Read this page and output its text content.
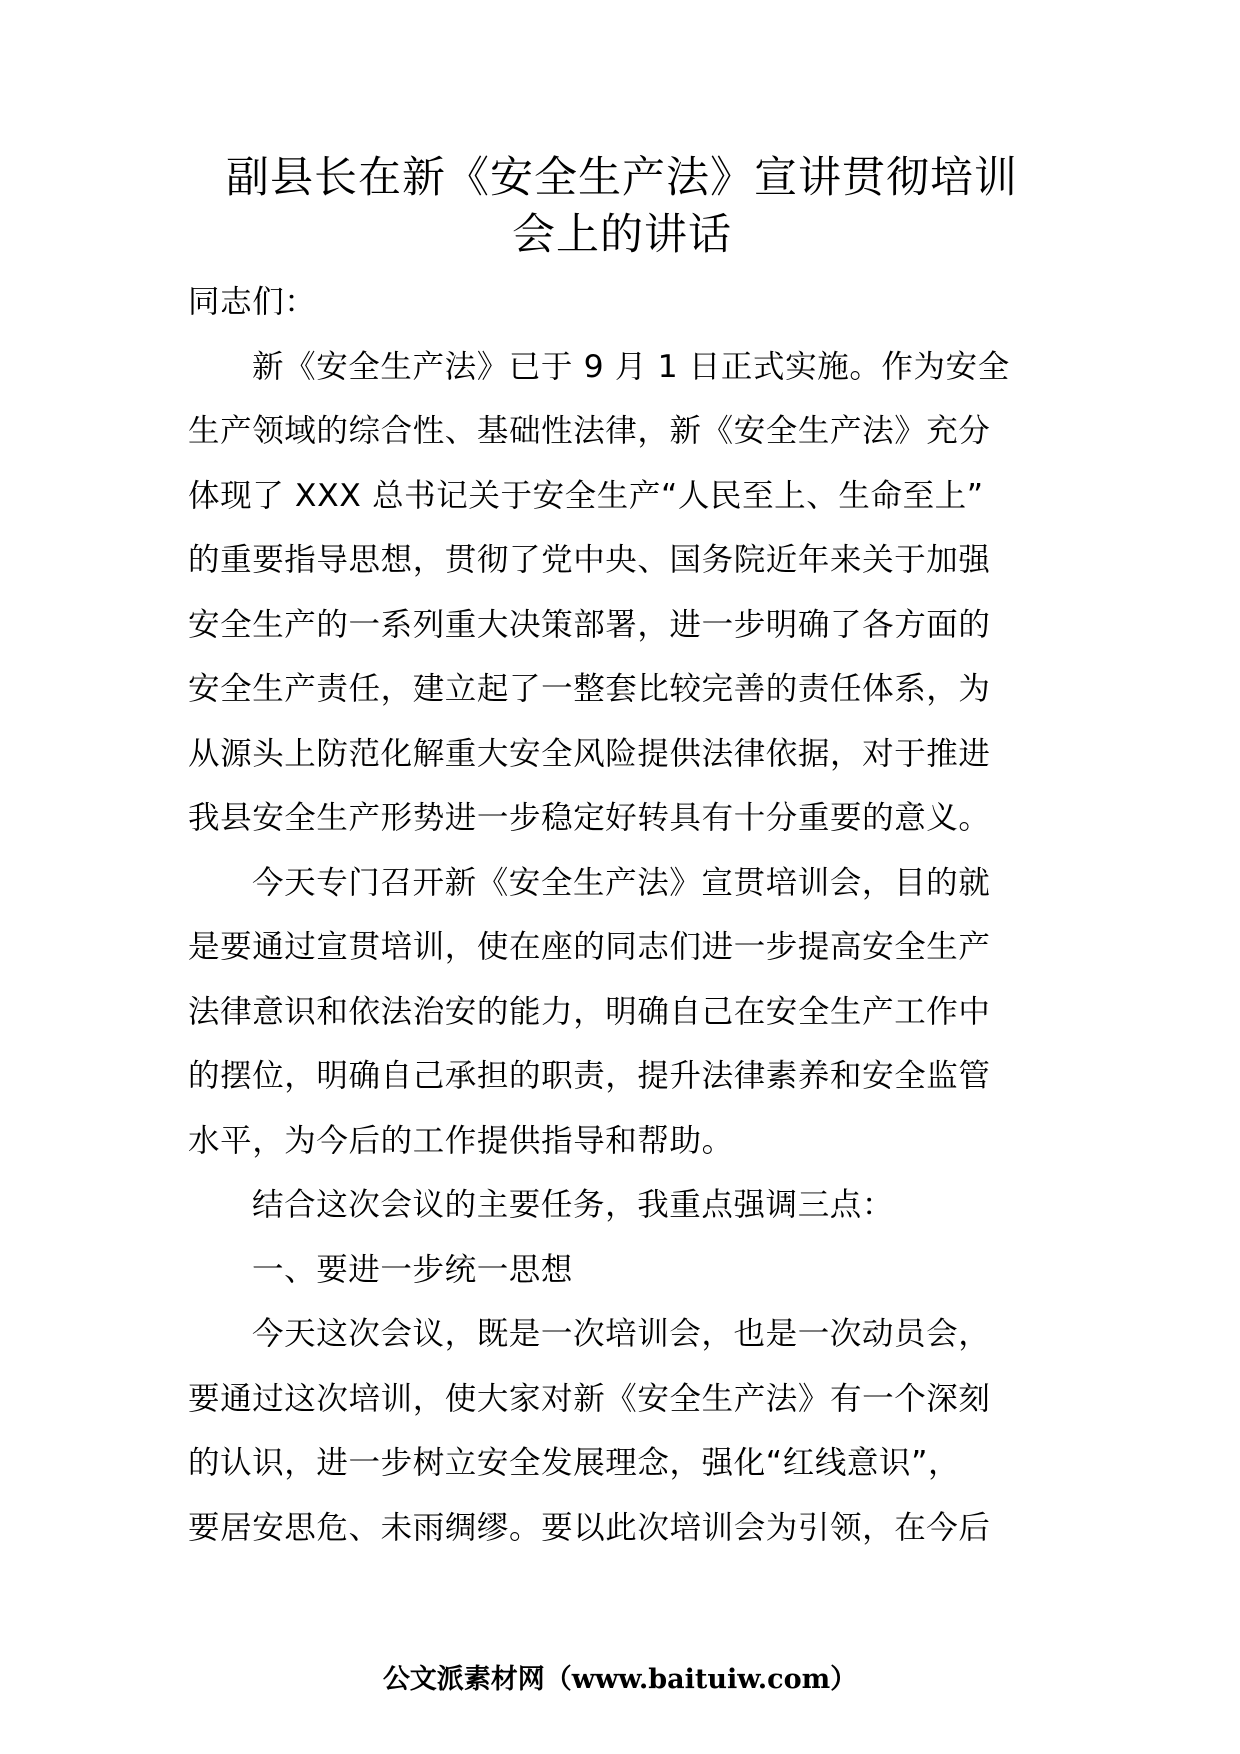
副县长在新《安全生产法》宣讲贯彻培训
会上的讲话

同志们：

新《安全生产法》已于 9 月 1 日正式实施。作为安全
生产领域的综合性、基础性法律，新《安全生产法》充分
体现了 XXX 总书记关于安全生产“人民至上、生命至上”
的重要指导思想，贯彻了党中央、国务院近年来关于加强
安全生产的一系列重大决策部署，进一步明确了各方面的
安全生产责任，建立起了一整套比较完善的责任体系，为
从源头上防范化解重大安全风险提供法律依据，对于推进
我县安全生产形势进一步稳定好转具有十分重要的意义。

今天专门召开新《安全生产法》宣贯培训会，目的就
是要通过宣贯培训，使在座的同志们进一步提高安全生产
法律意识和依法治安的能力，明确自己在安全生产工作中
的摆位，明确自己承担的职责，提升法律素养和安全监管
水平，为今后的工作提供指导和帮助。

结合这次会议的主要任务，我重点强调三点：

一、要进一步统一思想

今天这次会议，既是一次培训会，也是一次动员会，
要通过这次培训，使大家对新《安全生产法》有一个深刻
的认识，进一步树立安全发展理念，强化“红线意识”，
要居安思危、未雨绸缪。要以此次培训会为引领，在今后

公文派素材网（www.baituiw.com）
